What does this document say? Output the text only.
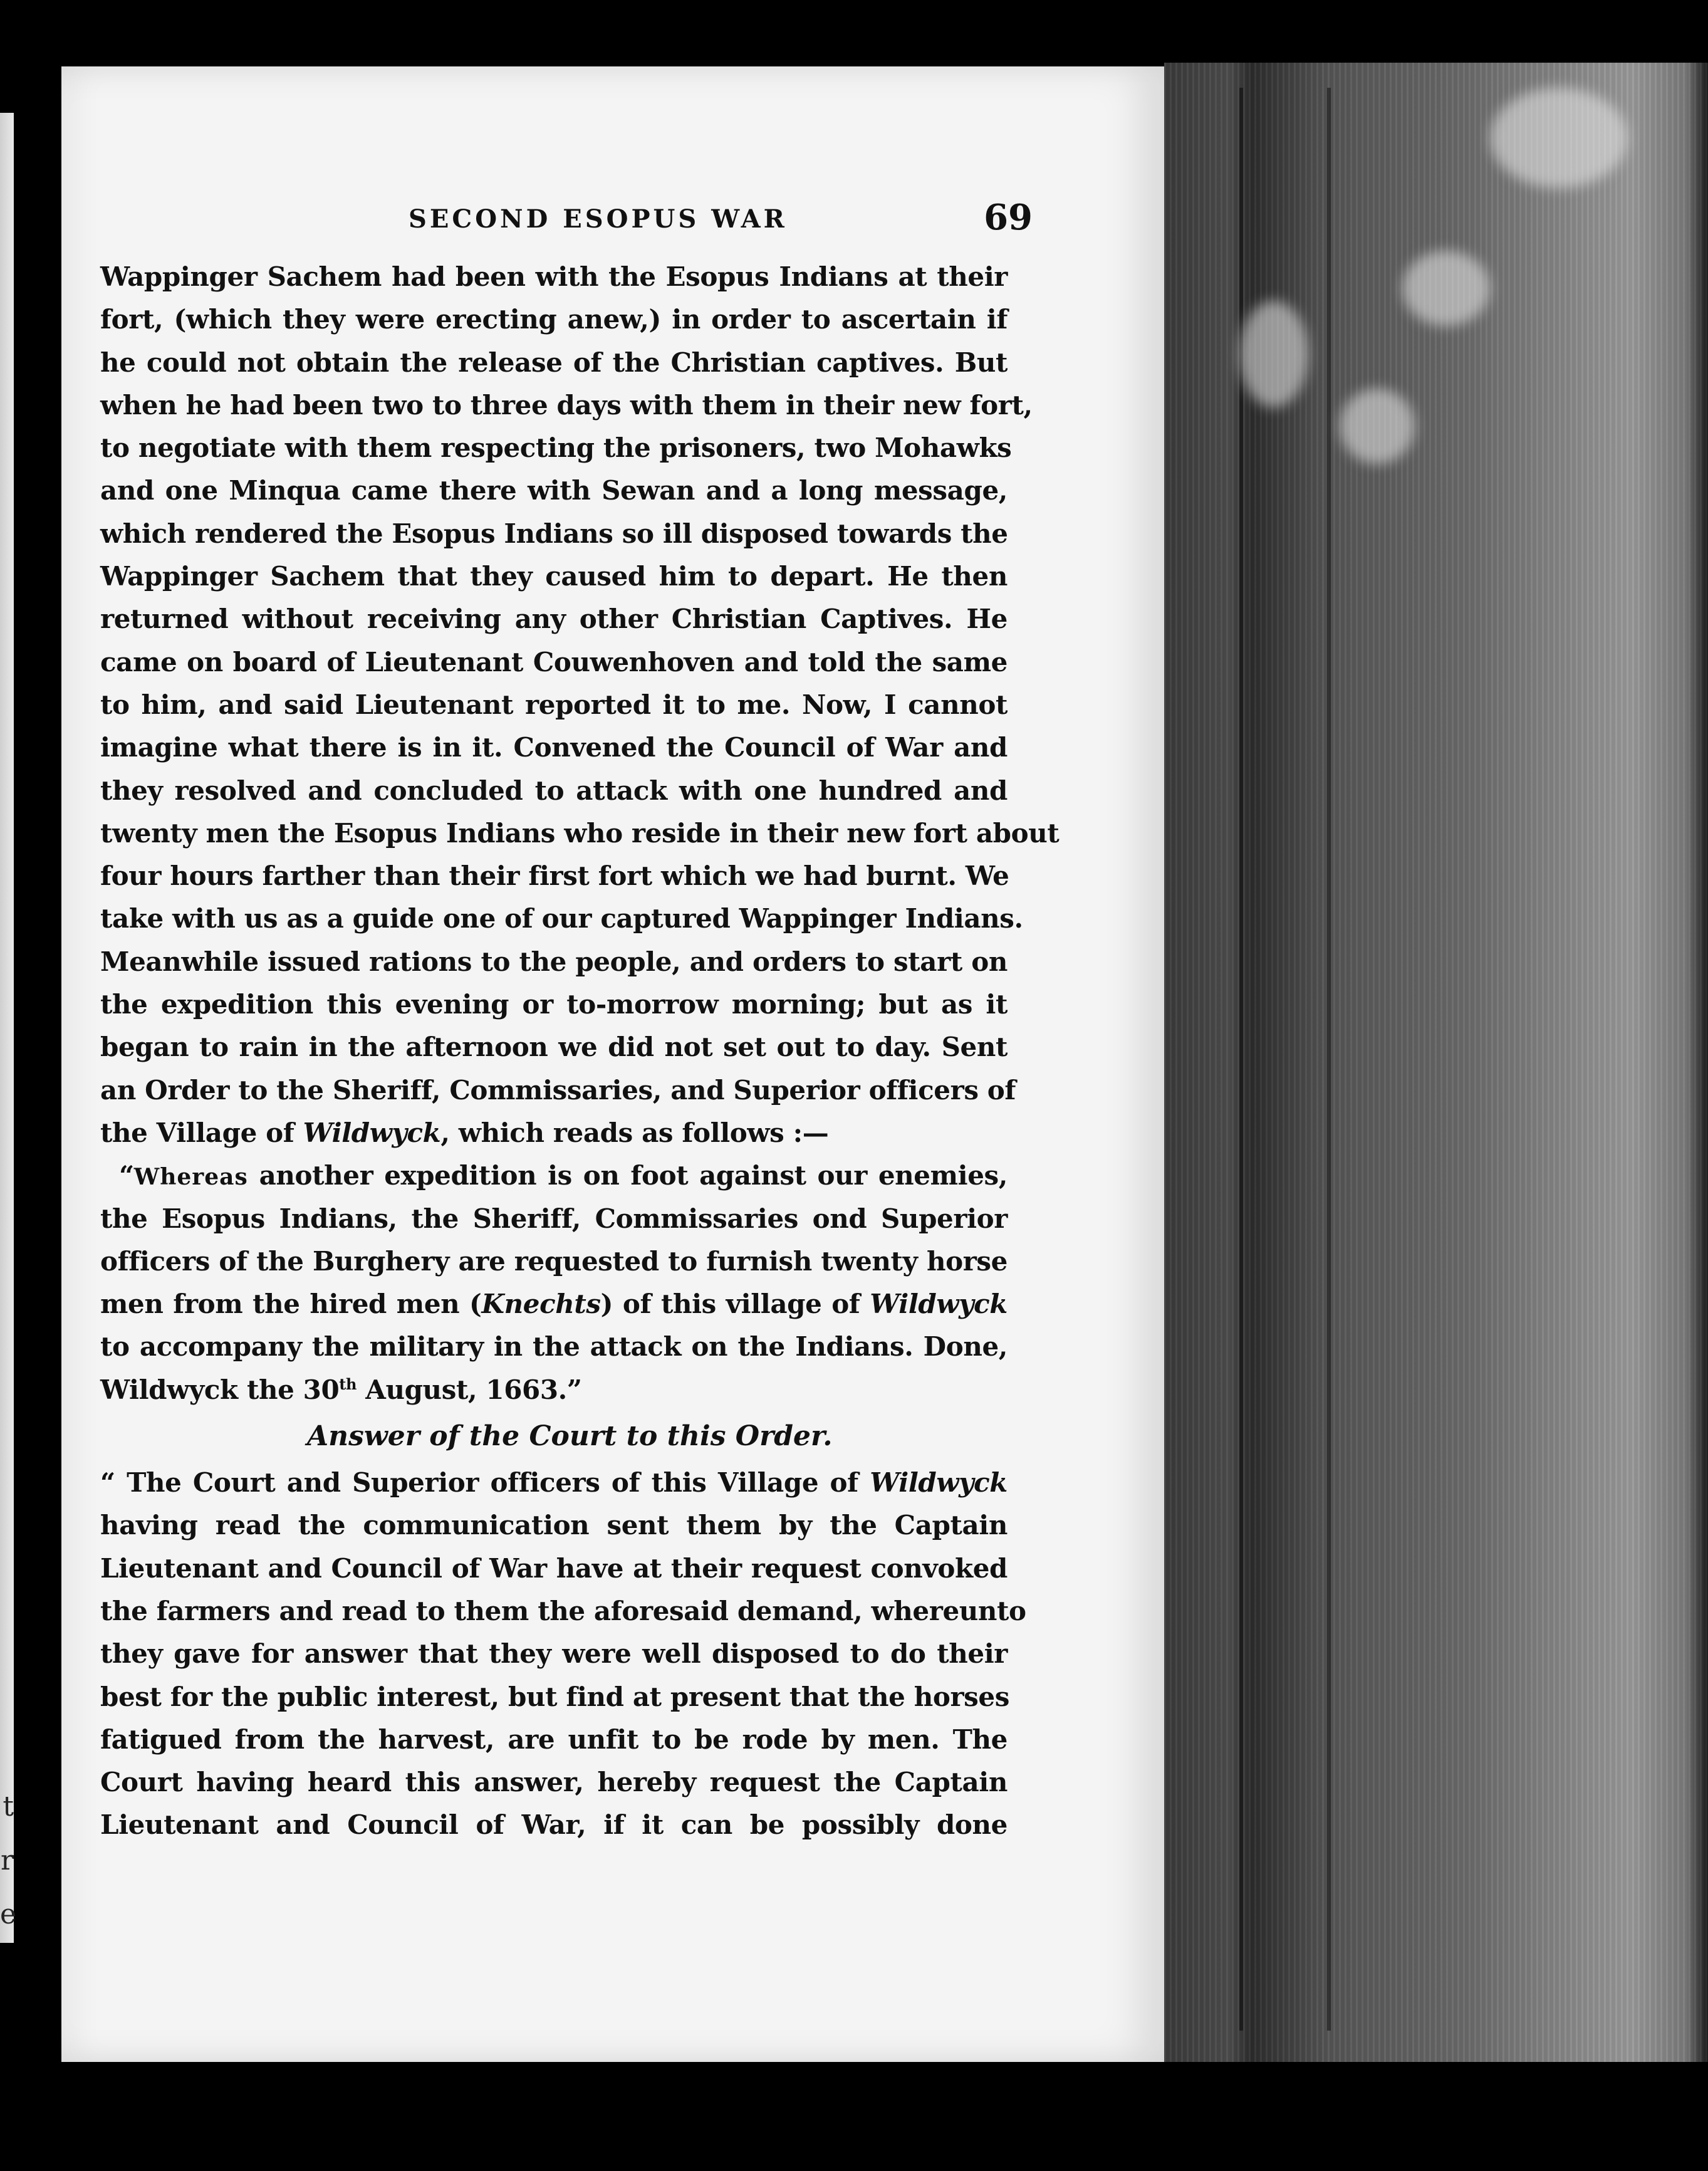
t
r
e
SECOND ESOPUS WAR	69
Wappinger Sachem had been with the Esopus Indians at their
fort, (which they were erecting anew,) in order to ascertain if
he could not obtain the release of the Christian captives. But
when he had been two to three days with them in their new fort,
to negotiate with them respecting the prisoners, two Mohawks
and one Minqua came there with Sewan and a long message,
which rendered the Esopus Indians so ill disposed towards the
Wappinger Sachem that they caused him to depart. He then
returned without receiving any other Christian Captives. He
came on board of Lieutenant Couwenhoven and told the same
to him, and said Lieutenant reported it to me. Now, I cannot
imagine what there is in it. Convened the Council of War and
they resolved and concluded to attack with one hundred and
twenty men the Esopus Indians who reside in their new fort about
four hours farther than their first fort which we had burnt. We
take with us as a guide one of our captured Wappinger Indians.
Meanwhile issued rations to the people, and orders to start on
the expedition this evening or to-morrow morning; but as it
began to rain in the afternoon we did not set out to day. Sent
an Order to the Sheriff, Commissaries, and Superior officers of
the Village of Wildwyck, which reads as follows :—
“Whereas another expedition is on foot against our enemies,
the Esopus Indians, the Sheriff, Commissaries ond Superior
officers of the Burghery are requested to furnish twenty horse
men from the hired men (Knechts) of this village of Wildwyck
to accompany the military in the attack on the Indians. Done,
Wildwyck the 30th August, 1663.”
Answer of the Court to this Order.
“ The Court and Superior officers of this Village of Wildwyck
having read the communication sent them by the Captain
Lieutenant and Council of War have at their request convoked
the farmers and read to them the aforesaid demand, whereunto
they gave for answer that they were well disposed to do their
best for the public interest, but find at present that the horses
fatigued from the harvest, are unfit to be rode by men. The
Court having heard this answer, hereby request the Captain
Lieutenant and Council of War, if it can be possibly done
